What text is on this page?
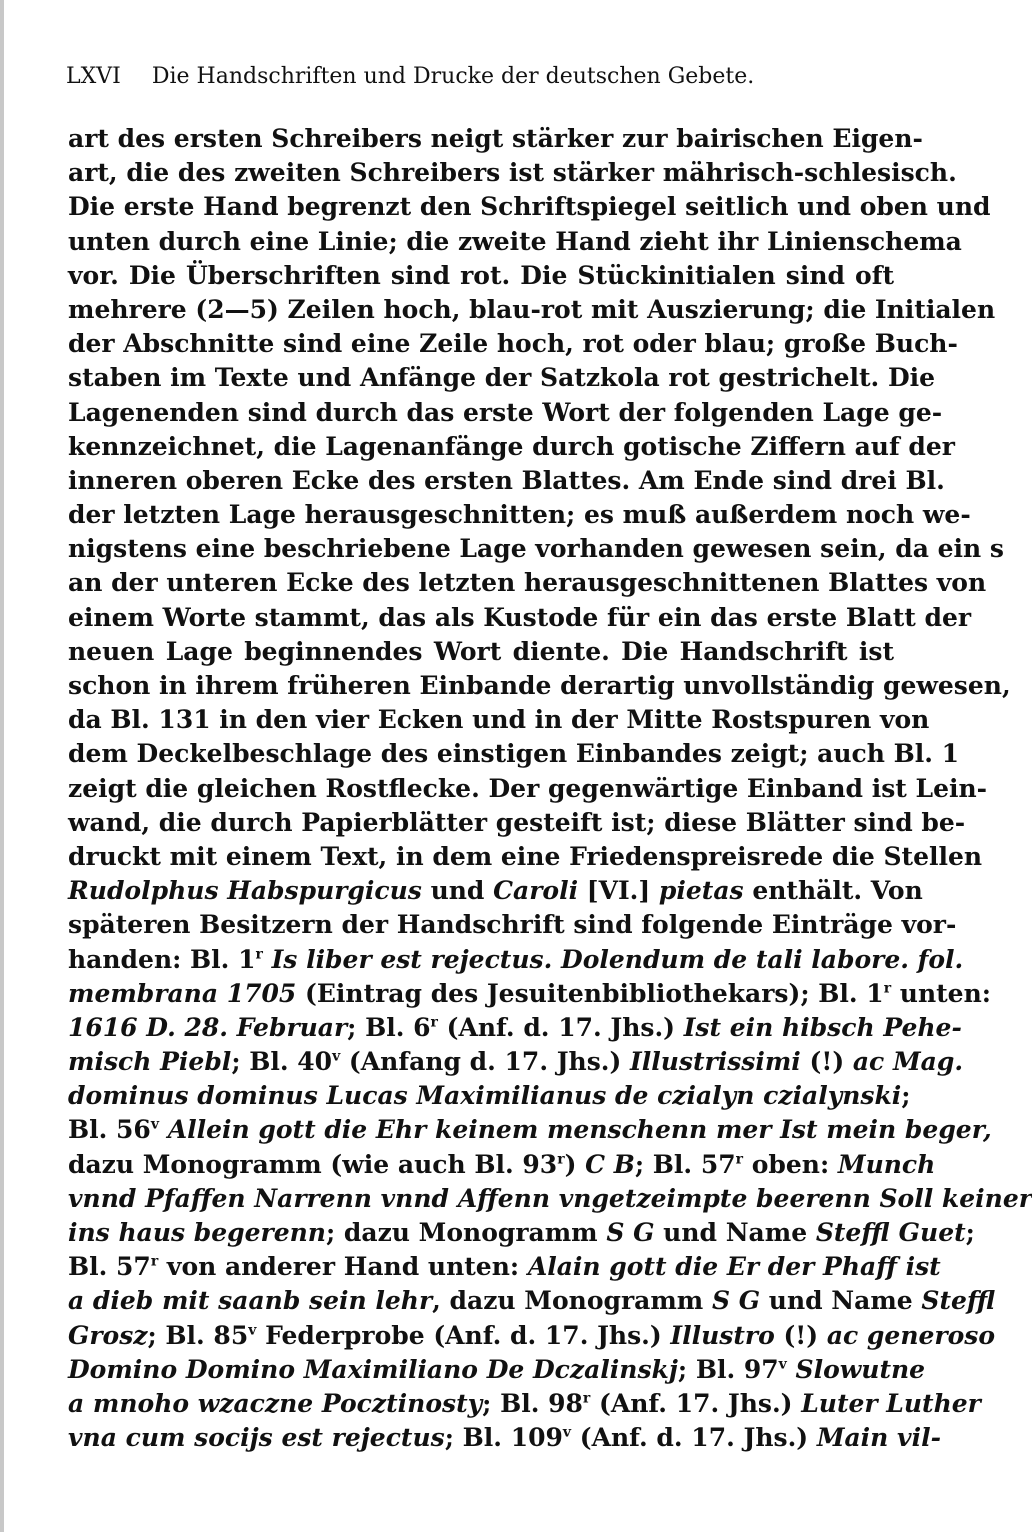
LXVI Die Handschriften und Drucke der deutschen Gebete.
art des ersten Schreibers neigt stärker zur bairischen Eigen-
art, die des zweiten Schreibers ist stärker mährisch-schlesisch.
Die erste Hand begrenzt den Schriftspiegel seitlich und oben und
unten durch eine Linie; die zweite Hand zieht ihr Linienschema
vor. Die Überschriften sind rot. Die Stückinitialen sind oft
mehrere (2—5) Zeilen hoch, blau-rot mit Auszierung; die Initialen
der Abschnitte sind eine Zeile hoch, rot oder blau; große Buch-
staben im Texte und Anfänge der Satzkola rot gestrichelt. Die
Lagenenden sind durch das erste Wort der folgenden Lage ge-
kennzeichnet, die Lagenanfänge durch gotische Ziffern auf der
inneren oberen Ecke des ersten Blattes. Am Ende sind drei Bl.
der letzten Lage herausgeschnitten; es muß außerdem noch we-
nigstens eine beschriebene Lage vorhanden gewesen sein, da ein s
an der unteren Ecke des letzten herausgeschnittenen Blattes von
einem Worte stammt, das als Kustode für ein das erste Blatt der
neuen Lage beginnendes Wort diente. Die Handschrift ist
schon in ihrem früheren Einbande derartig unvollständig gewesen,
da Bl. 131 in den vier Ecken und in der Mitte Rostspuren von
dem Deckelbeschlage des einstigen Einbandes zeigt; auch Bl. 1
zeigt die gleichen Rostflecke. Der gegenwärtige Einband ist Lein-
wand, die durch Papierblätter gesteift ist; diese Blätter sind be-
druckt mit einem Text, in dem eine Friedenspreisrede die Stellen
Rudolphus Habspurgicus und Caroli [VI.] pietas enthält. Von
späteren Besitzern der Handschrift sind folgende Einträge vor-
handen: Bl. 1$^r$ Is liber est rejectus. Dolendum de tali labore. fol.
membrana 1705 (Eintrag des Jesuitenbibliothekars); Bl. 1$^r$ unten:
1616 D. 28. Februar; Bl. 6$^r$ (Anf. d. 17. Jhs.) Ist ein hibsch Pehe-
misch Piebl; Bl. 40$^v$ (Anfang d. 17. Jhs.) Illustrissimi (!) ac Mag.
dominus dominus Lucas Maximilianus de czialyn czialynski;
Bl. 56$^v$ Allein gott die Ehr keinem menschenn mer Ist mein beger,
dazu Monogramm (wie auch Bl. 93$^r$) C B; Bl. 57$^r$ oben: Munch
vnnd Pfaffen Narrenn vnnd Affenn vngetzeimpte beerenn Soll keiner
ins haus begerenn; dazu Monogramm S G und Name Steffl Guet;
Bl. 57$^r$ von anderer Hand unten: Alain gott die Er der Phaff ist
a dieb mit saanb sein lehr, dazu Monogramm S G und Name Steffl
Grosz; Bl. 85$^v$ Federprobe (Anf. d. 17. Jhs.) Illustro (!) ac generoso
Domino Domino Maximiliano De Dczalinskj; Bl. 97$^v$ Slowutne
a mnoho wzaczne Pocztinosty; Bl. 98$^r$ (Anf. 17. Jhs.) Luter Luther
vna cum socijs est rejectus; Bl. 109$^v$ (Anf. d. 17. Jhs.) Main vil-
